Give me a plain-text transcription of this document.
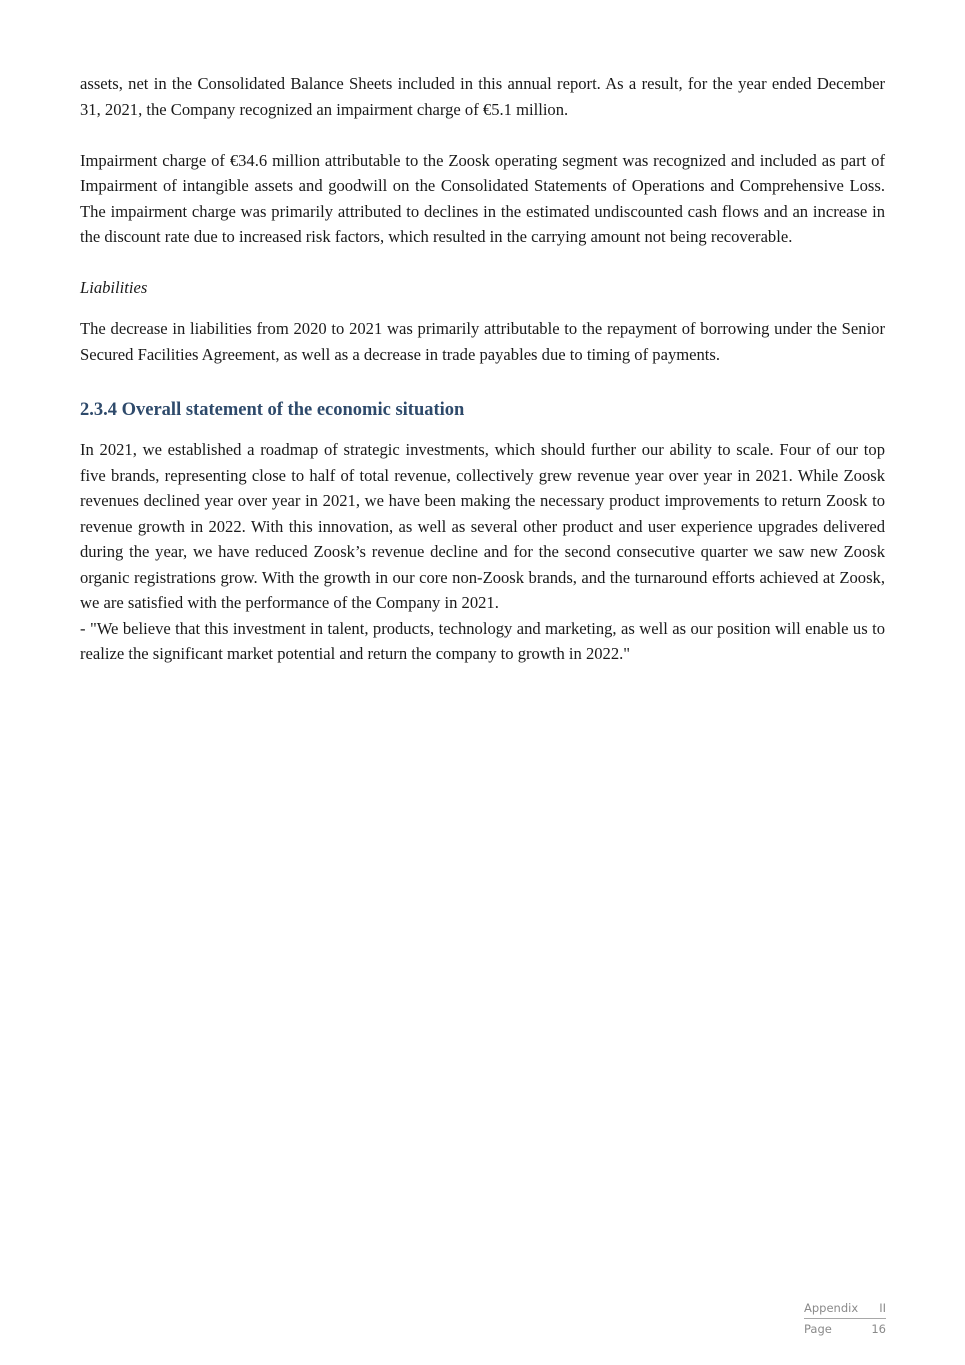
assets, net in the Consolidated Balance Sheets included in this annual report. As a result, for the year ended December 31, 2021, the Company recognized an impairment charge of €5.1 million.

Impairment charge of €34.6 million attributable to the Zoosk operating segment was recognized and included as part of Impairment of intangible assets and goodwill on the Consolidated Statements of Operations and Comprehensive Loss. The impairment charge was primarily attributed to declines in the estimated undiscounted cash flows and an increase in the discount rate due to increased risk factors, which resulted in the carrying amount not being recoverable.

Liabilities

The decrease in liabilities from 2020 to 2021 was primarily attributable to the repayment of borrowing under the Senior Secured Facilities Agreement, as well as a decrease in trade payables due to timing of payments.

2.3.4 Overall statement of the economic situation

In 2021, we established a roadmap of strategic investments, which should further our ability to scale. Four of our top five brands, representing close to half of total revenue, collectively grew revenue year over year in 2021. While Zoosk revenues declined year over year in 2021, we have been making the necessary product improvements to return Zoosk to revenue growth in 2022. With this innovation, as well as several other product and user experience upgrades delivered during the year, we have reduced Zoosk’s revenue decline and for the second consecutive quarter we saw new Zoosk organic registrations grow. With the growth in our core non-Zoosk brands, and the turnaround efforts achieved at Zoosk, we are satisfied with the performance of the Company in 2021.

- "We believe that this investment in talent, products, technology and marketing, as well as our position will enable us to realize the significant market potential and return the company to growth in 2022."

Appendix II
Page	16
